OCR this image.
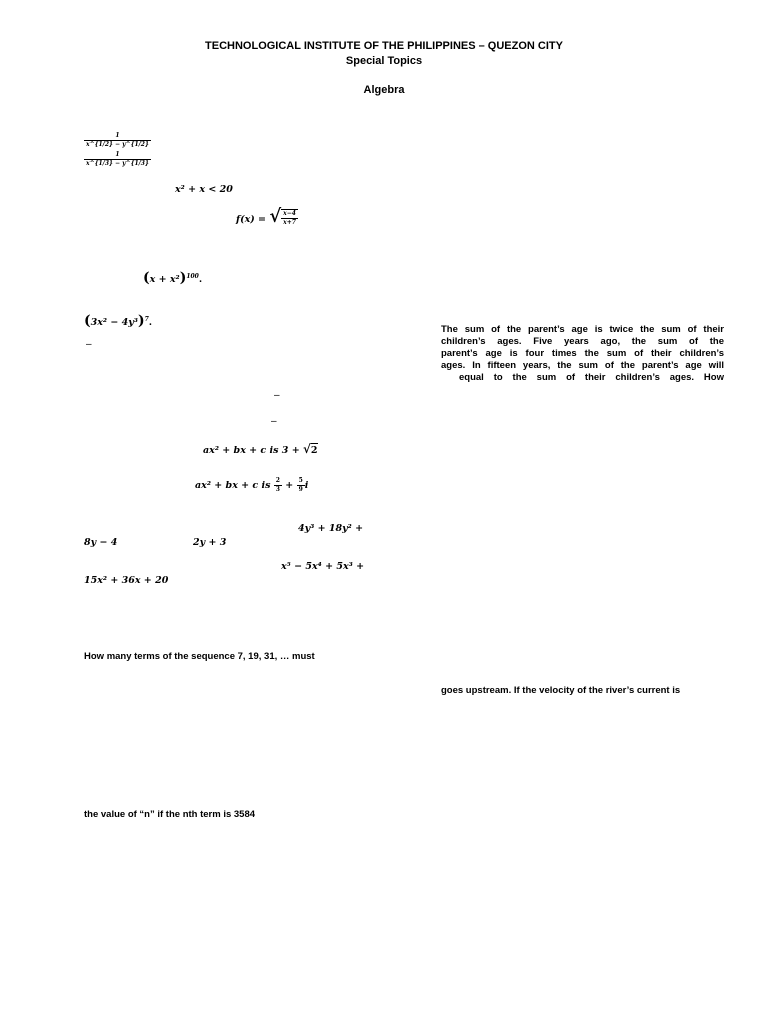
TECHNOLOGICAL INSTITUTE OF THE PHILIPPINES – QUEZON CITY
Special Topics
Algebra
$\frac{1}{x\^{}\{1/2\} - y\^{}\{1/2\}}$
$\frac{1}{x\^{}\{1/3\} - y\^{}\{1/3\}}$
x² + x < 20
f(x) = √ $\frac{x-4}{x+7}$
$(x + x^2)^{100}$.
$(3x^2 - 4y^3)^7$.
–
–
–
The sum of the parent’s age is twice the sum of their
children’s ages. Five years ago, the sum of the
parent’s age is four times the sum of their children’s
ages. In fifteen years, the sum of the parent’s age will
equal to the sum of their children’s ages. How
ax² + bx + c is 3 + √ 2
ax² + bx + c is $\frac{2}{3} + \frac{5}{9}$ i
4y³ + 18y² +
8y − 4	2y + 3
x⁵ − 5x⁴ + 5x³ +
15x² + 36x + 20
How many terms of the sequence 7, 19, 31, … must
goes upstream. If the velocity of the river’s current is
the value of “n” if the nth term is 3584
